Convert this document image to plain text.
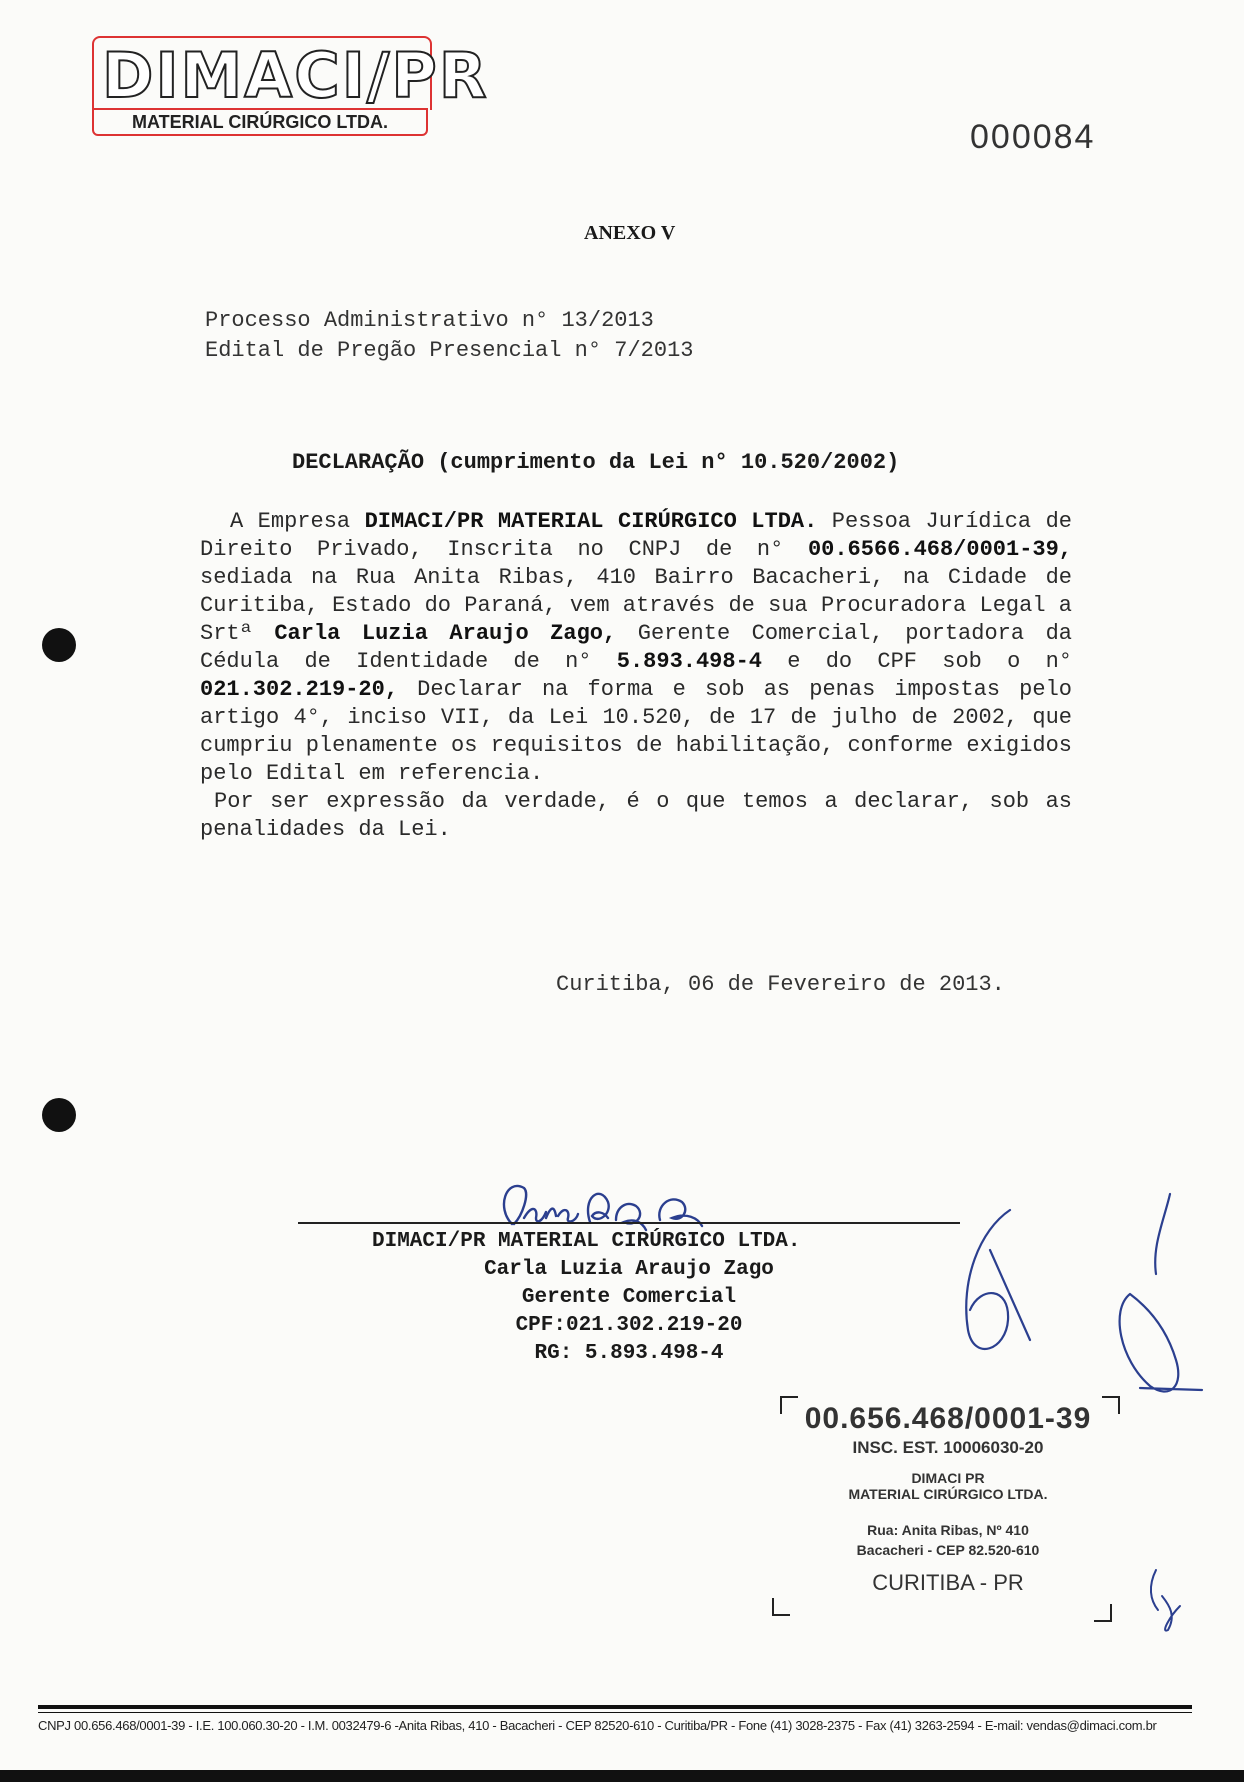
DIMACI/PR
MATERIAL CIRÚRGICO LTDA.	000084
ANEXO V
Processo Administrativo n° 13/2013
Edital de Pregão Presencial n° 7/2013
DECLARAÇÃO (cumprimento da Lei n° 10.520/2002)

A Empresa DIMACI/PR MATERIAL CIRÚRGICO LTDA. Pessoa Jurídica de Direito Privado, Inscrita no CNPJ de n° 00.6566.468/0001-39, sediada na Rua Anita Ribas, 410 Bairro Bacacheri, na Cidade de Curitiba, Estado do Paraná, vem através de sua Procuradora Legal a Srtª Carla Luzia Araujo Zago, Gerente Comercial, portadora da Cédula de Identidade de n° 5.893.498-4 e do CPF sob o n° 021.302.219-20, Declarar na forma e sob as penas impostas pelo artigo 4°, inciso VII, da Lei 10.520, de 17 de julho de 2002, que cumpriu plenamente os requisitos de habilitação, conforme exigidos pelo Edital em referencia.

Por ser expressão da verdade, é o que temos a declarar, sob as penalidades da Lei.

Curitiba, 06 de Fevereiro de 2013.
DIMACI/PR MATERIAL CIRÚRGICO LTDA.
Carla Luzia Araujo Zago
Gerente Comercial
CPF:021.302.219-20
RG: 5.893.498-4
00.656.468/0001-39
INSC. EST. 10006030-20
DIMACI PR
MATERIAL CIRÚRGICO LTDA.
Rua: Anita Ribas, Nº 410
Bacacheri - CEP 82.520-610
CURITIBA - PR
CNPJ 00.656.468/0001-39 - I.E. 100.060.30-20 - I.M. 0032479-6 -Anita Ribas, 410 - Bacacheri - CEP 82520-610 - Curitiba/PR - Fone (41) 3028-2375 - Fax (41) 3263-2594 - E-mail: vendas@dimaci.com.br
